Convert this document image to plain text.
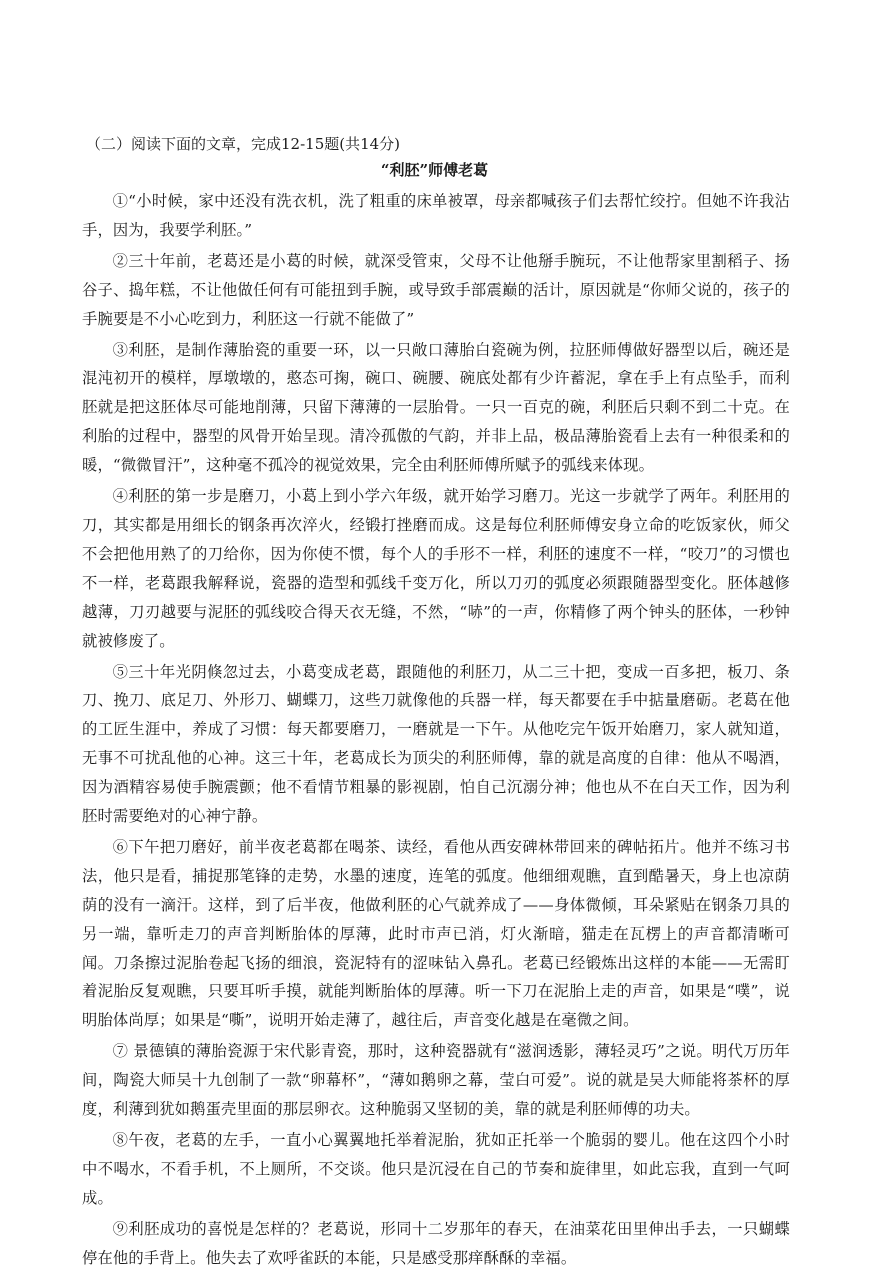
（二）阅读下面的文章，完成12-15题(共14分)
“利胚”师傅老葛

①“小时候，家中还没有洗衣机，洗了粗重的床单被罩，母亲都喊孩子们去帮忙绞拧。但她不许我沾手，因为，我要学利胚。”

②三十年前，老葛还是小葛的时候，就深受管束，父母不让他掰手腕玩，不让他帮家里割稻子、扬谷子、捣年糕，不让他做任何有可能扭到手腕，或导致手部震巅的活计，原因就是“你师父说的，孩子的手腕要是不小心吃到力，利胚这一行就不能做了”

③利胚，是制作薄胎瓷的重要一环，以一只敞口薄胎白瓷碗为例，拉胚师傅做好器型以后，碗还是混沌初开的模样，厚墩墩的，憨态可掬，碗口、碗腰、碗底处都有少许蓄泥，拿在手上有点坠手，而利胚就是把这胚体尽可能地削薄，只留下薄薄的一层胎骨。一只一百克的碗，利胚后只剩不到二十克。在利胎的过程中，器型的风骨开始呈现。清冷孤傲的气韵，并非上品，极品薄胎瓷看上去有一种很柔和的暖，“微微冒汗”，这种毫不孤冷的视觉效果，完全由利胚师傅所赋予的弧线来体现。

④利胚的第一步是磨刀，小葛上到小学六年级，就开始学习磨刀。光这一步就学了两年。利胚用的刀，其实都是用细长的钢条再次淬火，经锻打挫磨而成。这是每位利胚师傅安身立命的吃饭家伙，师父不会把他用熟了的刀给你，因为你使不惯，每个人的手形不一样，利胚的速度不一样，“咬刀”的习惯也不一样，老葛跟我解释说，瓷器的造型和弧线千变万化，所以刀刃的弧度必须跟随器型变化。胚体越修越薄，刀刃越要与泥胚的弧线咬合得天衣无缝，不然，“哧”的一声，你精修了两个钟头的胚体，一秒钟就被修废了。

⑤三十年光阴倏忽过去，小葛变成老葛，跟随他的利胚刀，从二三十把，变成一百多把，板刀、条刀、挽刀、底足刀、外形刀、蝴蝶刀，这些刀就像他的兵器一样，每天都要在手中掂量磨砺。老葛在他的工匠生涯中，养成了习惯：每天都要磨刀，一磨就是一下午。从他吃完午饭开始磨刀，家人就知道，无事不可扰乱他的心神。这三十年，老葛成长为顶尖的利胚师傅，靠的就是高度的自律：他从不喝酒，因为酒精容易使手腕震颤；他不看情节粗暴的影视剧，怕自己沉溺分神；他也从不在白天工作，因为利胚时需要绝对的心神宁静。

⑥下午把刀磨好，前半夜老葛都在喝茶、读经，看他从西安碑林带回来的碑帖拓片。他并不练习书法，他只是看，捕捉那笔锋的走势，水墨的速度，连笔的弧度。他细细观瞧，直到酷暑天，身上也凉荫荫的没有一滴汗。这样，到了后半夜，他做利胚的心气就养成了——身体微倾，耳朵紧贴在钢条刀具的另一端，靠听走刀的声音判断胎体的厚薄，此时市声已消，灯火渐暗，猫走在瓦楞上的声音都清晰可闻。刀条擦过泥胎卷起飞扬的细浪，瓷泥特有的涩味钻入鼻孔。老葛已经锻炼出这样的本能——无需盯着泥胎反复观瞧，只要耳听手摸，就能判断胎体的厚薄。听一下刀在泥胎上走的声音，如果是“噗”，说明胎体尚厚；如果是“嘶”，说明开始走薄了，越往后，声音变化越是在毫微之间。

⑦ 景德镇的薄胎瓷源于宋代影青瓷，那时，这种瓷器就有“滋润透影，薄轻灵巧”之说。明代万历年间，陶瓷大师吴十九创制了一款“卵幕杯”，“薄如鹅卵之幕，莹白可爱”。说的就是吴大师能将茶杯的厚度，利薄到犹如鹅蛋壳里面的那层卵衣。这种脆弱又坚韧的美，靠的就是利胚师傅的功夫。

⑧午夜，老葛的左手，一直小心翼翼地托举着泥胎，犹如正托举一个脆弱的婴儿。他在这四个小时中不喝水，不看手机，不上厕所，不交谈。他只是沉浸在自己的节奏和旋律里，如此忘我，直到一气呵成。

⑨利胚成功的喜悦是怎样的？老葛说，形同十二岁那年的春天，在油菜花田里伸出手去，一只蝴蝶停在他的手背上。他失去了欢呼雀跃的本能，只是感受那痒酥酥的幸福。
